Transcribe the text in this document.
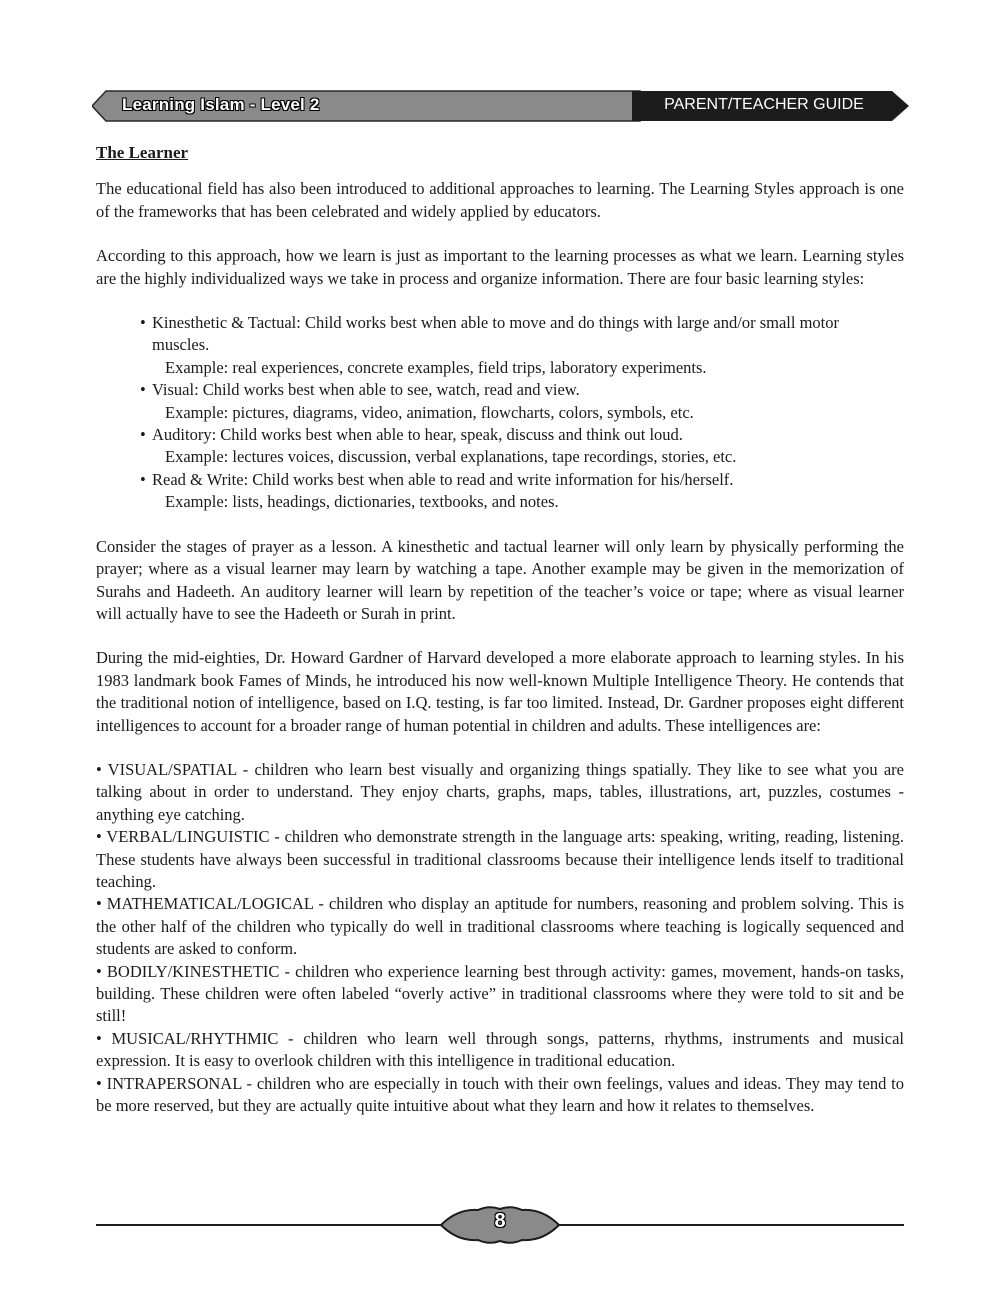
Learning Islam - Level 2	PARENT/TEACHER GUIDE
The Learner

The educational field has also been introduced to additional approaches to learning. The Learning Styles approach is one of the frameworks that has been celebrated and widely applied by educators.

According to this approach, how we learn is just as important to the learning processes as what we learn. Learning styles are the highly individualized ways we take in process and organize information. There are four basic learning styles:

• Kinesthetic & Tactual: Child works best when able to move and do things with large and/or small motor muscles.
Example: real experiences, concrete examples, field trips, laboratory experiments.
• Visual: Child works best when able to see, watch, read and view.
Example: pictures, diagrams, video, animation, flowcharts, colors, symbols, etc.
• Auditory: Child works best when able to hear, speak, discuss and think out loud.
Example: lectures voices, discussion, verbal explanations, tape recordings, stories, etc.
• Read & Write: Child works best when able to read and write information for his/herself.
Example: lists, headings, dictionaries, textbooks, and notes.

Consider the stages of prayer as a lesson. A kinesthetic and tactual learner will only learn by physically performing the prayer; where as a visual learner may learn by watching a tape. Another example may be given in the memorization of Surahs and Hadeeth. An auditory learner will learn by repetition of the teacher’s voice or tape; where as visual learner will actually have to see the Hadeeth or Surah in print.

During the mid-eighties, Dr. Howard Gardner of Harvard developed a more elaborate approach to learning styles. In his 1983 landmark book Fames of Minds, he introduced his now well-known Multiple Intelligence Theory. He contends that the traditional notion of intelligence, based on I.Q. testing, is far too limited. Instead, Dr. Gardner proposes eight different intelligences to account for a broader range of human potential in children and adults. These intelligences are:

• VISUAL/SPATIAL - children who learn best visually and organizing things spatially. They like to see what you are talking about in order to understand. They enjoy charts, graphs, maps, tables, illustrations, art, puzzles, costumes - anything eye catching.
• VERBAL/LINGUISTIC - children who demonstrate strength in the language arts: speaking, writing, reading, listening. These students have always been successful in traditional classrooms because their intelligence lends itself to traditional teaching.
• MATHEMATICAL/LOGICAL - children who display an aptitude for numbers, reasoning and problem solving. This is the other half of the children who typically do well in traditional classrooms where teaching is logically sequenced and students are asked to conform.
• BODILY/KINESTHETIC - children who experience learning best through activity: games, movement, hands-on tasks, building. These children were often labeled “overly active” in traditional classrooms where they were told to sit and be still!
• MUSICAL/RHYTHMIC - children who learn well through songs, patterns, rhythms, instruments and musical expression. It is easy to overlook children with this intelligence in traditional education.
• INTRAPERSONAL - children who are especially in touch with their own feelings, values and ideas. They may tend to be more reserved, but they are actually quite intuitive about what they learn and how it relates to themselves.
8
